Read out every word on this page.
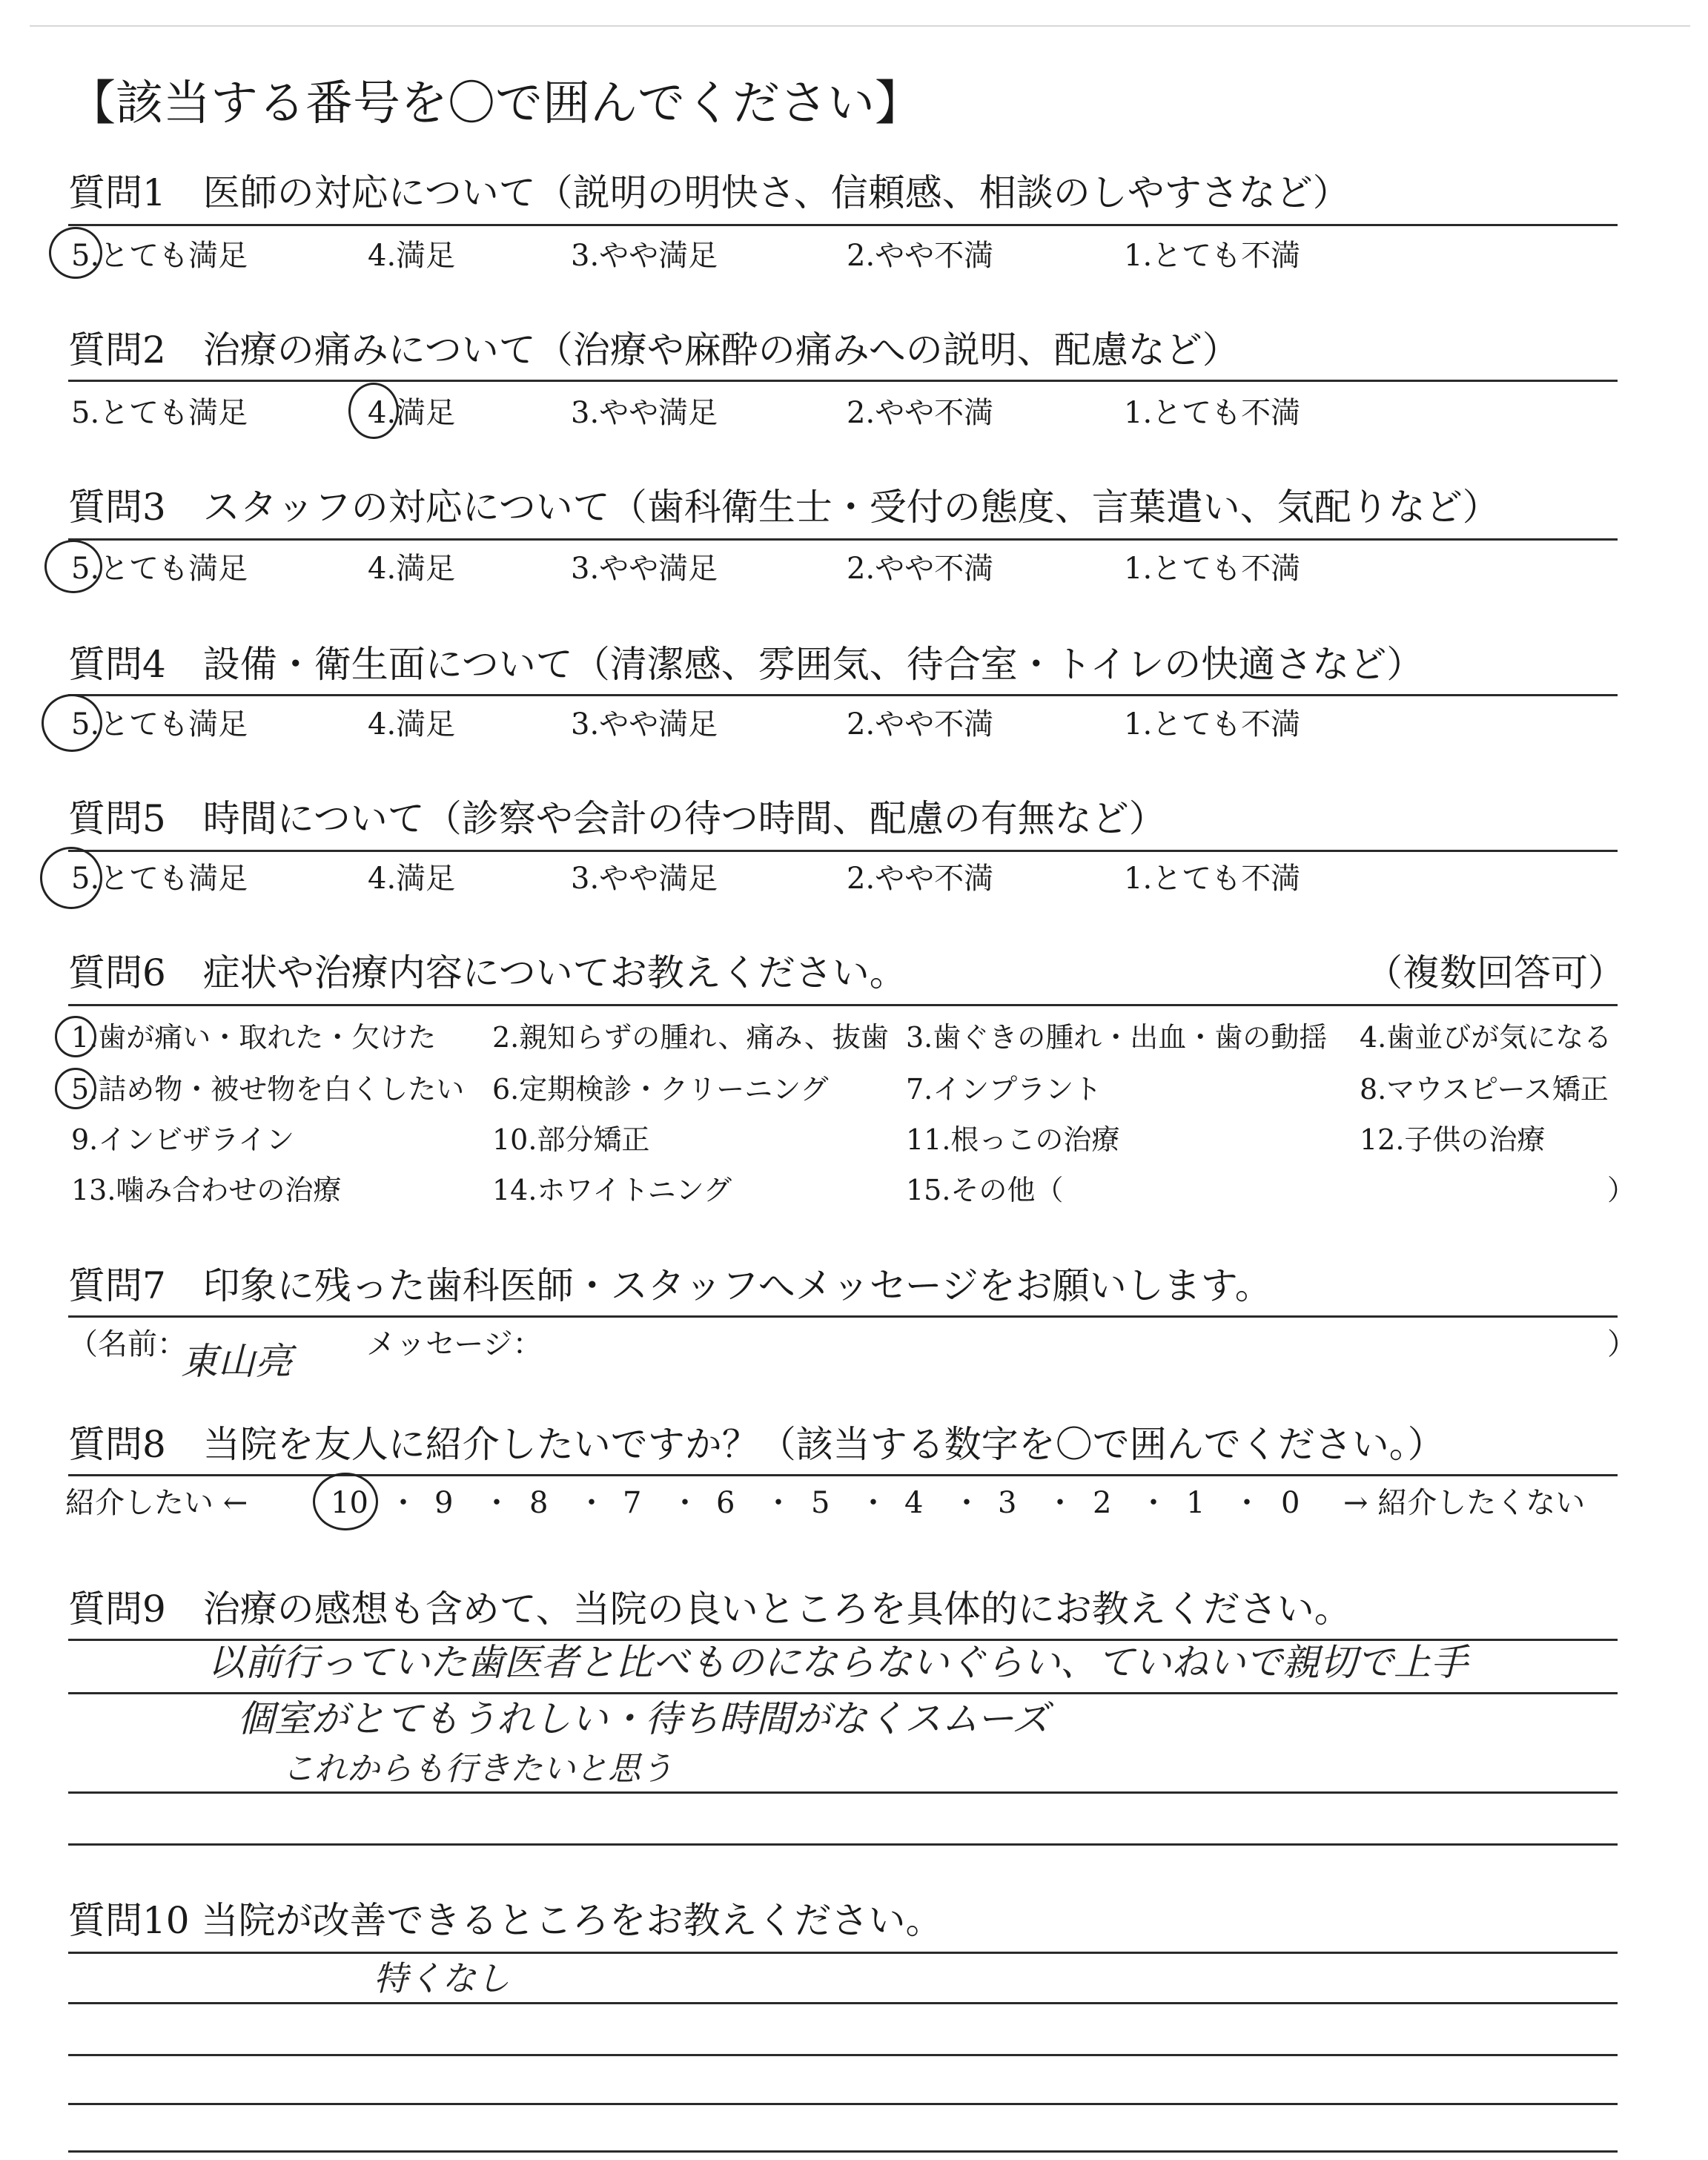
【該当する番号を〇で囲んでください】
質問1　医師の対応について（説明の明快さ、信頼感、相談のしやすさなど）
5.とても満足	4.満足	3.やや満足	2.やや不満	1.とても不満
質問2　治療の痛みについて（治療や麻酔の痛みへの説明、配慮など）
5.とても満足	4.満足	3.やや満足	2.やや不満	1.とても不満
質問3　スタッフの対応について（歯科衛生士・受付の態度、言葉遣い、気配りなど）
5.とても満足	4.満足	3.やや満足	2.やや不満	1.とても不満
質問4　設備・衛生面について（清潔感、雰囲気、待合室・トイレの快適さなど）
5.とても満足	4.満足	3.やや満足	2.やや不満	1.とても不満
質問5　時間について（診察や会計の待つ時間、配慮の有無など）
5.とても満足	4.満足	3.やや満足	2.やや不満	1.とても不満
質問6　症状や治療内容についてお教えください。	（複数回答可）
1.歯が痛い・取れた・欠けた 2.親知らずの腫れ、痛み、抜歯 3.歯ぐきの腫れ・出血・歯の動揺 4.歯並びが気になる
5.詰め物・被せ物を白くしたい 6.定期検診・クリーニング	7.インプラント	8.マウスピース矯正
9.インビザライン	10.部分矯正	11.根っこの治療	12.子供の治療
13.噛み合わせの治療	14.ホワイトニング	15.その他（	）
質問7　印象に残った歯科医師・スタッフへメッセージをお願いします。
（名前：
東山亮	メッセージ：	）
質問8　当院を友人に紹介したいですか？（該当する数字を〇で囲んでください。）
紹介したい ←	→ 紹介したくない
10 ・ 9 ・ 8 ・ 7 ・ 6 ・ 5 ・ 4 ・ 3 ・ 2 ・ 1 ・ 0
質問9　治療の感想も含めて、当院の良いところを具体的にお教えください。
以前行っていた歯医者と比べものにならないぐらい、ていねいで親切で上手
個室がとてもうれしい・待ち時間がなくスムーズ
これからも行きたいと思う
質問10 当院が改善できるところをお教えください。
特くなし
